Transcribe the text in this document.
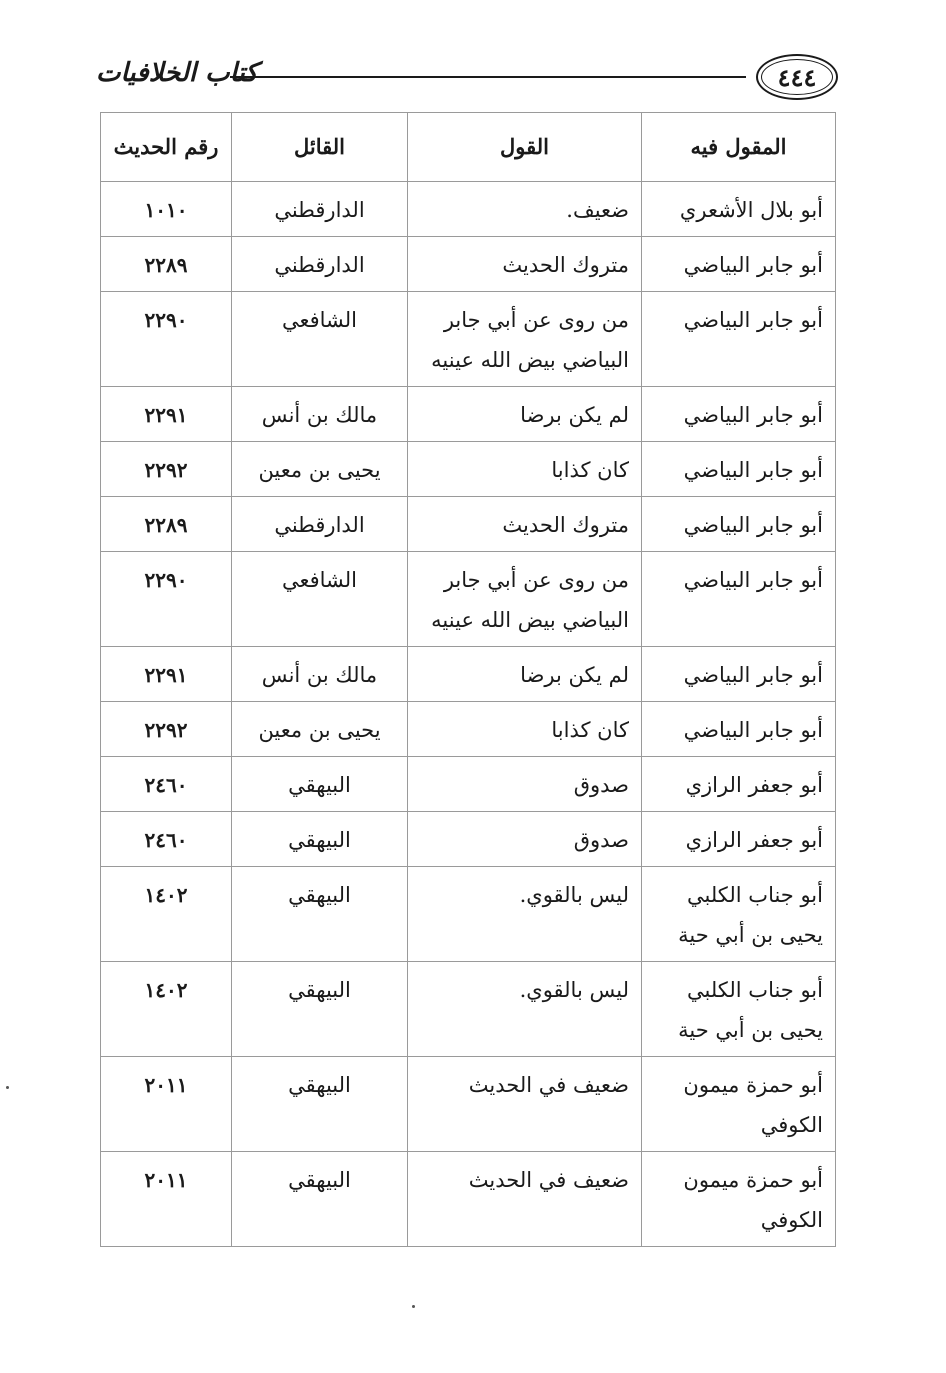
٤٤٤
كتاب الخلافيات
المقول فيه	القول	القائل	رقم الحديث
أبو بلال الأشعري	ضعيف.	الدارقطني	١٠١٠
أبو جابر البياضي	متروك الحديث	الدارقطني	٢٢٨٩
أبو جابر البياضي	من روى عن أبي جابر البياضي بيض الله عينيه	الشافعي	٢٢٩٠
أبو جابر البياضي	لم يكن برضا	مالك بن أنس	٢٢٩١
أبو جابر البياضي	كان كذابا	يحيى بن معين	٢٢٩٢
أبو جابر البياضي	متروك الحديث	الدارقطني	٢٢٨٩
أبو جابر البياضي	من روى عن أبي جابر البياضي بيض الله عينيه	الشافعي	٢٢٩٠
أبو جابر البياضي	لم يكن برضا	مالك بن أنس	٢٢٩١
أبو جابر البياضي	كان كذابا	يحيى بن معين	٢٢٩٢
أبو جعفر الرازي	صدوق	البيهقي	٢٤٦٠
أبو جعفر الرازي	صدوق	البيهقي	٢٤٦٠
أبو جناب الكلبي يحيى بن أبي حية	ليس بالقوي.	البيهقي	١٤٠٢
أبو جناب الكلبي يحيى بن أبي حية	ليس بالقوي.	البيهقي	١٤٠٢
أبو حمزة ميمون الكوفي	ضعيف في الحديث	البيهقي	٢٠١١
أبو حمزة ميمون الكوفي	ضعيف في الحديث	البيهقي	٢٠١١
